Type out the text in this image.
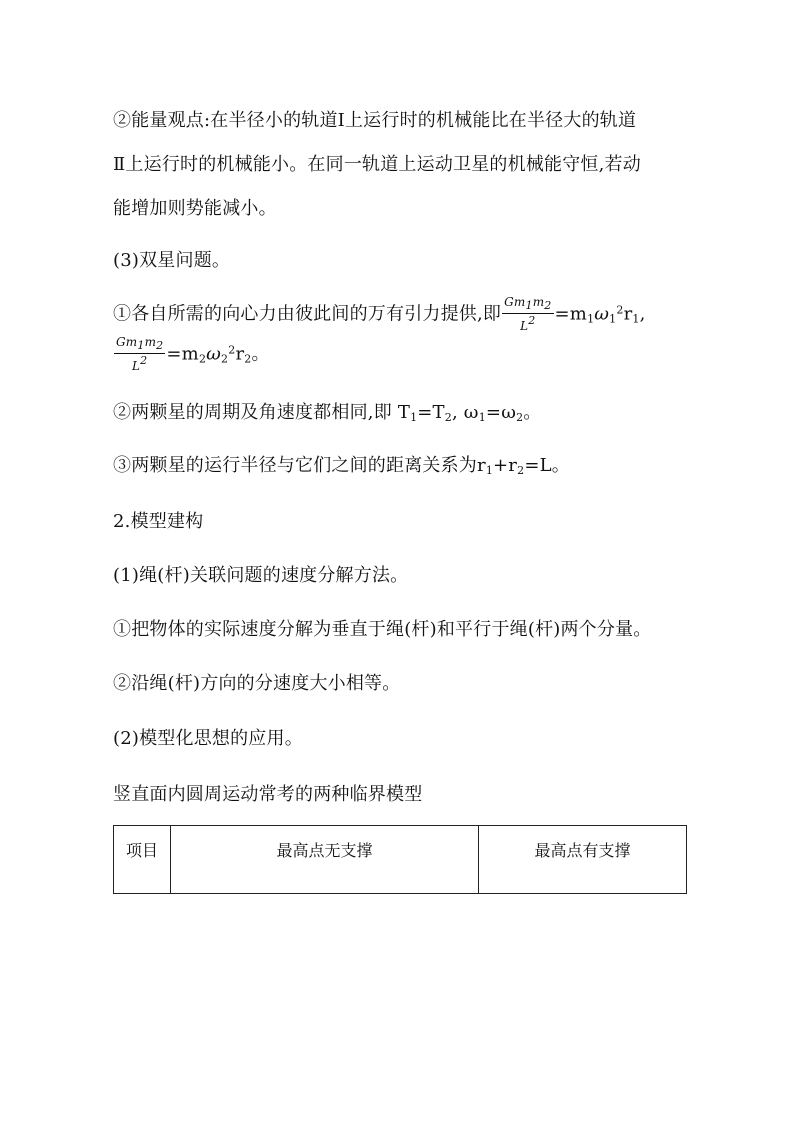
②能量观点:在半径小的轨道Ⅰ上运行时的机械能比在半径大的轨道
Ⅱ上运行时的机械能小。在同一轨道上运动卫星的机械能守恒,若动
能增加则势能减小。
(3)双星问题。
①各自所需的向心力由彼此间的万有引力提供,即 $\frac{Gm_1m_2}{L^2} =m_1\omega_1^2r_1$,
$\frac{Gm_1m_2}{L^2} =m_2\omega_2^2r_2$。
②两颗星的周期及角速度都相同,即 $T_1=T_2$, $\omega_1=\omega_2$。
③两颗星的运行半径与它们之间的距离关系为$r_1+r_2=L$。
2.模型建构
(1)绳(杆)关联问题的速度分解方法。
①把物体的实际速度分解为垂直于绳(杆)和平行于绳(杆)两个分量。
②沿绳(杆)方向的分速度大小相等。
(2)模型化思想的应用。
竖直面内圆周运动常考的两种临界模型
项目	最高点无支撑	最高点有支撑
